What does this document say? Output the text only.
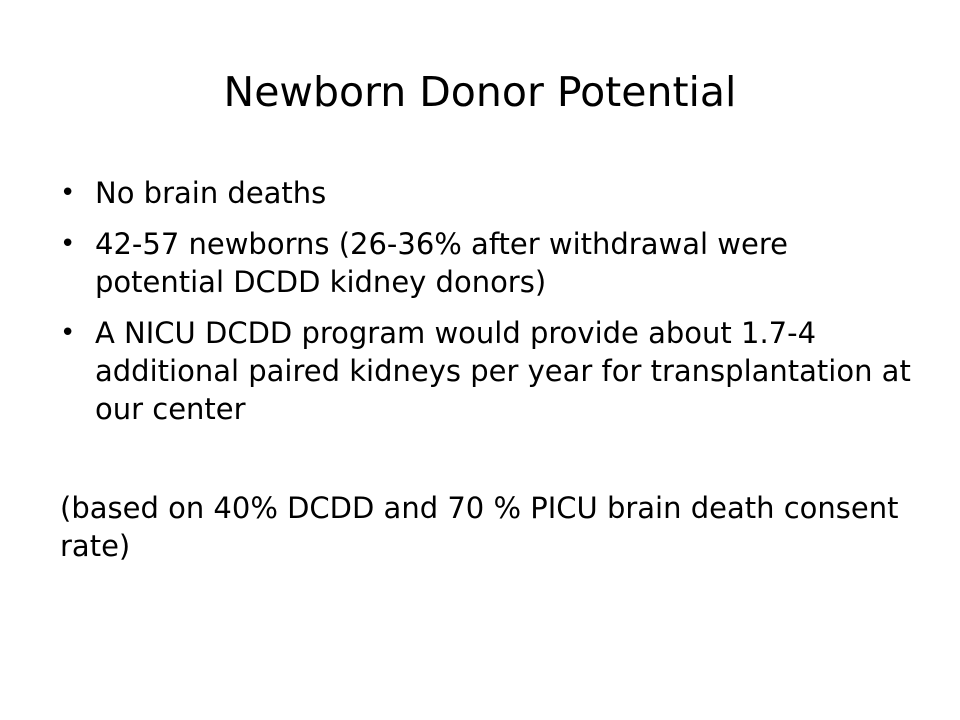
Newborn Donor Potential
• No brain deaths
• 42-57 newborns (26-36% after withdrawal were potential DCDD kidney donors)
• A NICU DCDD program would provide about 1.7-4 additional paired kidneys per year for transplantation at our center

(based on 40% DCDD and 70 % PICU brain death consent rate)
